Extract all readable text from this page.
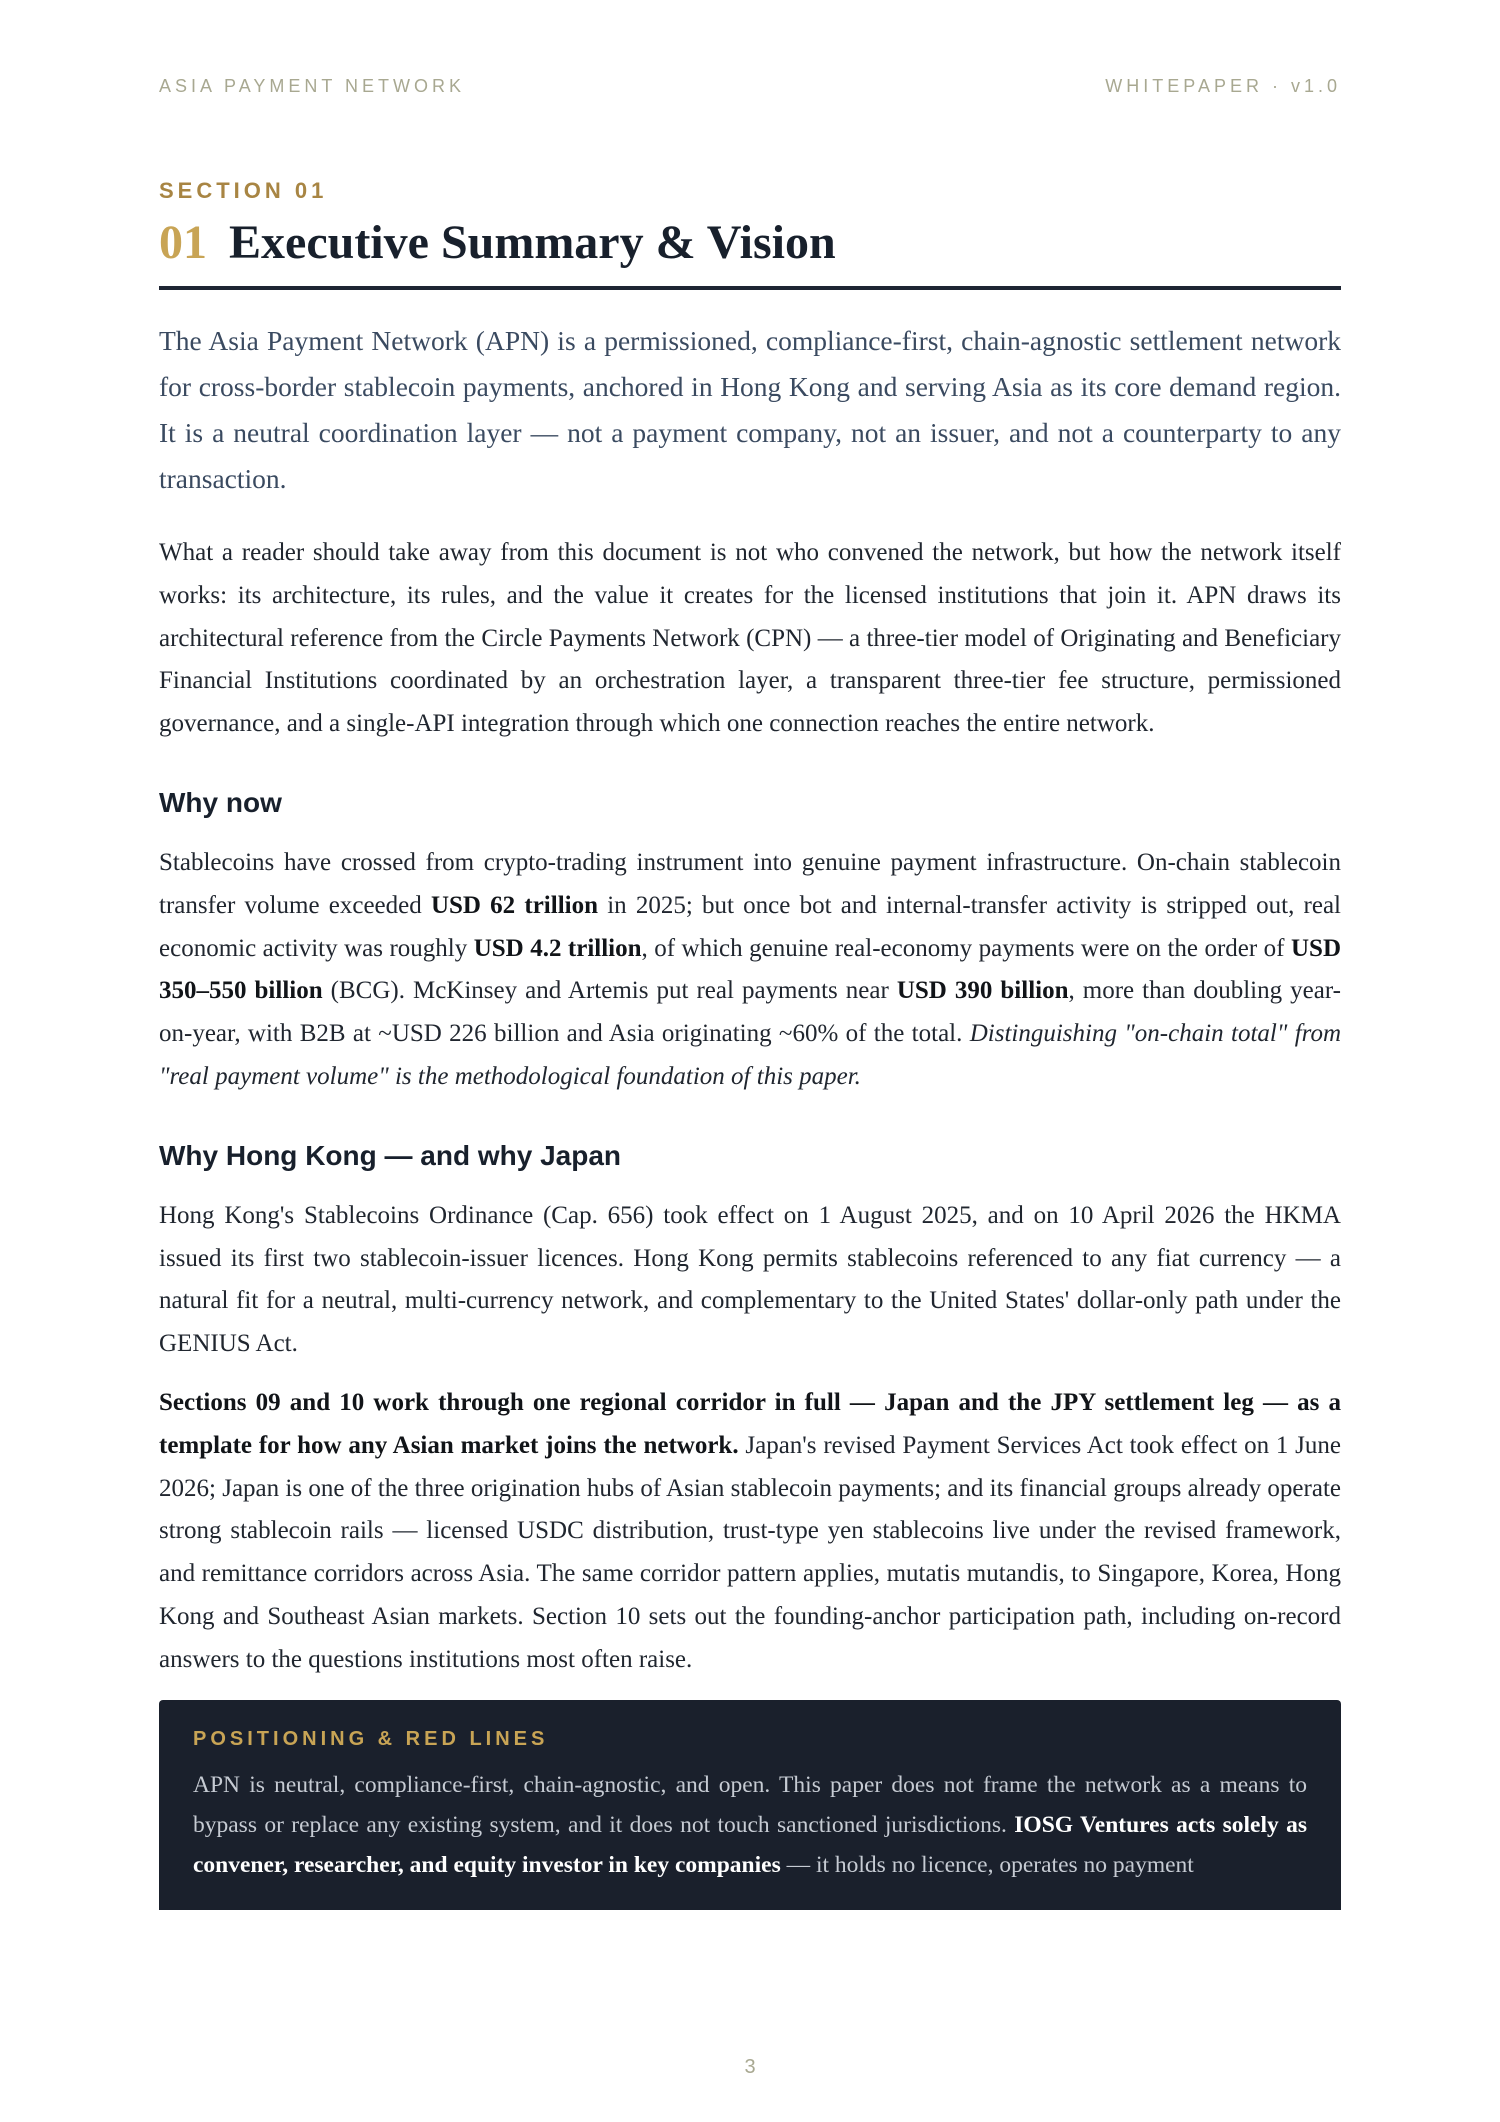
ASIA PAYMENT NETWORK	WHITEPAPER · v1.0
SECTION 01
01 Executive Summary & Vision

The Asia Payment Network (APN) is a permissioned, compliance-first, chain-agnostic settlement network for cross-border stablecoin payments, anchored in Hong Kong and serving Asia as its core demand region. It is a neutral coordination layer — not a payment company, not an issuer, and not a counterparty to any transaction.

What a reader should take away from this document is not who convened the network, but how the network itself works: its architecture, its rules, and the value it creates for the licensed institutions that join it. APN draws its architectural reference from the Circle Payments Network (CPN) — a three-tier model of Originating and Beneficiary Financial Institutions coordinated by an orchestration layer, a transparent three-tier fee structure, permissioned governance, and a single-API integration through which one connection reaches the entire network.

Why now

Stablecoins have crossed from crypto-trading instrument into genuine payment infrastructure. On-chain stablecoin transfer volume exceeded USD 62 trillion in 2025; but once bot and internal-transfer activity is stripped out, real economic activity was roughly USD 4.2 trillion, of which genuine real-economy payments were on the order of USD 350–550 billion (BCG). McKinsey and Artemis put real payments near USD 390 billion, more than doubling year-on-year, with B2B at ~USD 226 billion and Asia originating ~60% of the total. Distinguishing "on-chain total" from "real payment volume" is the methodological foundation of this paper.

Why Hong Kong — and why Japan

Hong Kong's Stablecoins Ordinance (Cap. 656) took effect on 1 August 2025, and on 10 April 2026 the HKMA issued its first two stablecoin-issuer licences. Hong Kong permits stablecoins referenced to any fiat currency — a natural fit for a neutral, multi-currency network, and complementary to the United States' dollar-only path under the GENIUS Act.

Sections 09 and 10 work through one regional corridor in full — Japan and the JPY settlement leg — as a template for how any Asian market joins the network. Japan's revised Payment Services Act took effect on 1 June 2026; Japan is one of the three origination hubs of Asian stablecoin payments; and its financial groups already operate strong stablecoin rails — licensed USDC distribution, trust-type yen stablecoins live under the revised framework, and remittance corridors across Asia. The same corridor pattern applies, mutatis mutandis, to Singapore, Korea, Hong Kong and Southeast Asian markets. Section 10 sets out the founding-anchor participation path, including on-record answers to the questions institutions most often raise.

POSITIONING & RED LINES

APN is neutral, compliance-first, chain-agnostic, and open. This paper does not frame the network as a means to bypass or replace any existing system, and it does not touch sanctioned jurisdictions. IOSG Ventures acts solely as convener, researcher, and equity investor in key companies — it holds no licence, operates no payment

3
